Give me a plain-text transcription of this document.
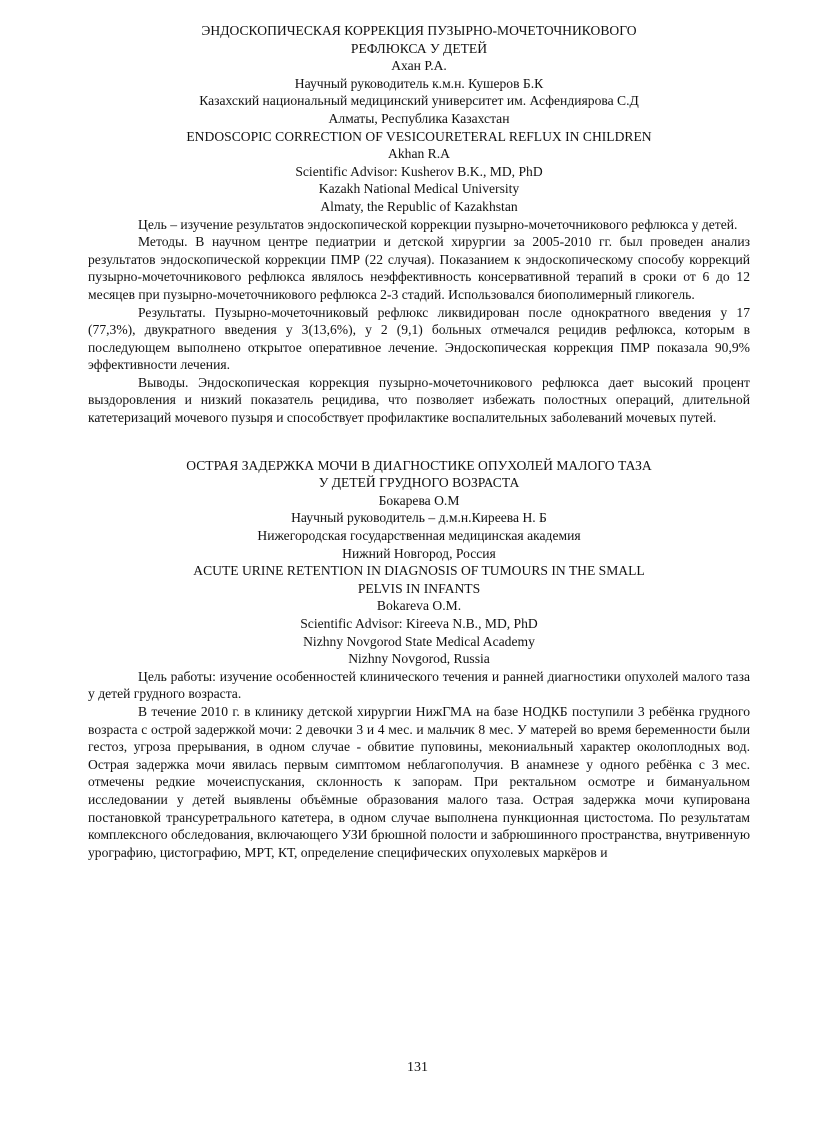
ЭНДОСКОПИЧЕСКАЯ КОРРЕКЦИЯ ПУЗЫРНО-МОЧЕТОЧНИКОВОГО
РЕФЛЮКСА У ДЕТЕЙ
Ахан Р.А.
Научный руководитель к.м.н. Кушеров Б.К
Казахский национальный медицинский университет им. Асфендиярова С.Д
Алматы, Республика Казахстан
ENDOSCOPIC CORRECTION OF VESICOURETERAL REFLUX IN CHILDREN
Akhan R.A
Scientific Advisor: Kusherov B.K., MD, PhD
Kazakh National Medical University
Almaty, the Republic of Kazakhstan

Цель – изучение результатов эндоскопической коррекции пузырно-мочеточникового рефлюкса у детей.

Методы. В научном центре педиатрии и детской хирургии за 2005-2010 гг. был проведен анализ результатов эндоскопической коррекции ПМР (22 случая). Показанием к эндоскопическому способу коррекций пузырно-мочеточникового рефлюкса являлось неэффективность консервативной терапий в сроки от 6 до 12 месяцев при пузырно-мочеточникового рефлюкса 2-3 стадий. Использовался биополимерный гликогель.

Результаты. Пузырно-мочеточниковый рефлюкс ликвидирован после однократного введения у 17 (77,3%), двукратного введения у 3(13,6%), у 2 (9,1) больных отмечался рецидив рефлюкса, которым в последующем выполнено открытое оперативное лечение. Эндоскопическая коррекция ПМР показала 90,9% эффективности лечения.

Выводы. Эндоскопическая коррекция пузырно-мочеточникового рефлюкса дает высокий процент выздоровления и низкий показатель рецидива, что позволяет избежать полостных операций, длительной катетеризаций мочевого пузыря и способствует профилактике воспалительных заболеваний мочевых путей.

ОСТРАЯ ЗАДЕРЖКА МОЧИ В ДИАГНОСТИКЕ ОПУХОЛЕЙ МАЛОГО ТАЗА
У ДЕТЕЙ ГРУДНОГО ВОЗРАСТА
Бокарева О.М
Научный руководитель – д.м.н.Киреева Н. Б
Нижегородская государственная медицинская академия
Нижний Новгород, Россия
ACUTE URINE RETENTION IN DIAGNOSIS OF TUMOURS IN THE SMALL
PELVIS IN INFANTS
Bokareva O.M.
Scientific Advisor: Kireeva N.B., MD, PhD
Nizhny Novgorod State Medical Academy
Nizhny Novgorod, Russia

Цель работы: изучение особенностей клинического течения и ранней диагностики опухолей малого таза у детей грудного возраста.

В течение 2010 г. в клинику детской хирургии НижГМА на базе НОДКБ поступили 3 ребёнка грудного возраста с острой задержкой мочи: 2 девочки 3 и 4 мес. и мальчик 8 мес. У матерей во время беременности были гестоз, угроза прерывания, в одном случае - обвитие пуповины, мекониальный характер околоплодных вод. Острая задержка мочи явилась первым симптомом неблагополучия. В анамнезе у одного ребёнка с 3 мес. отмечены редкие мочеиспускания, склонность к запорам. При ректальном осмотре и бимануальном исследовании у детей выявлены объёмные образования малого таза. Острая задержка мочи купирована постановкой трансуретрального катетера, в одном случае выполнена пункционная цистостома. По результатам комплексного обследования, включающего УЗИ брюшной полости и забрюшинного пространства, внутривенную урографию, цистографию, МРТ, КТ, определение специфических опухолевых маркёров и

131
